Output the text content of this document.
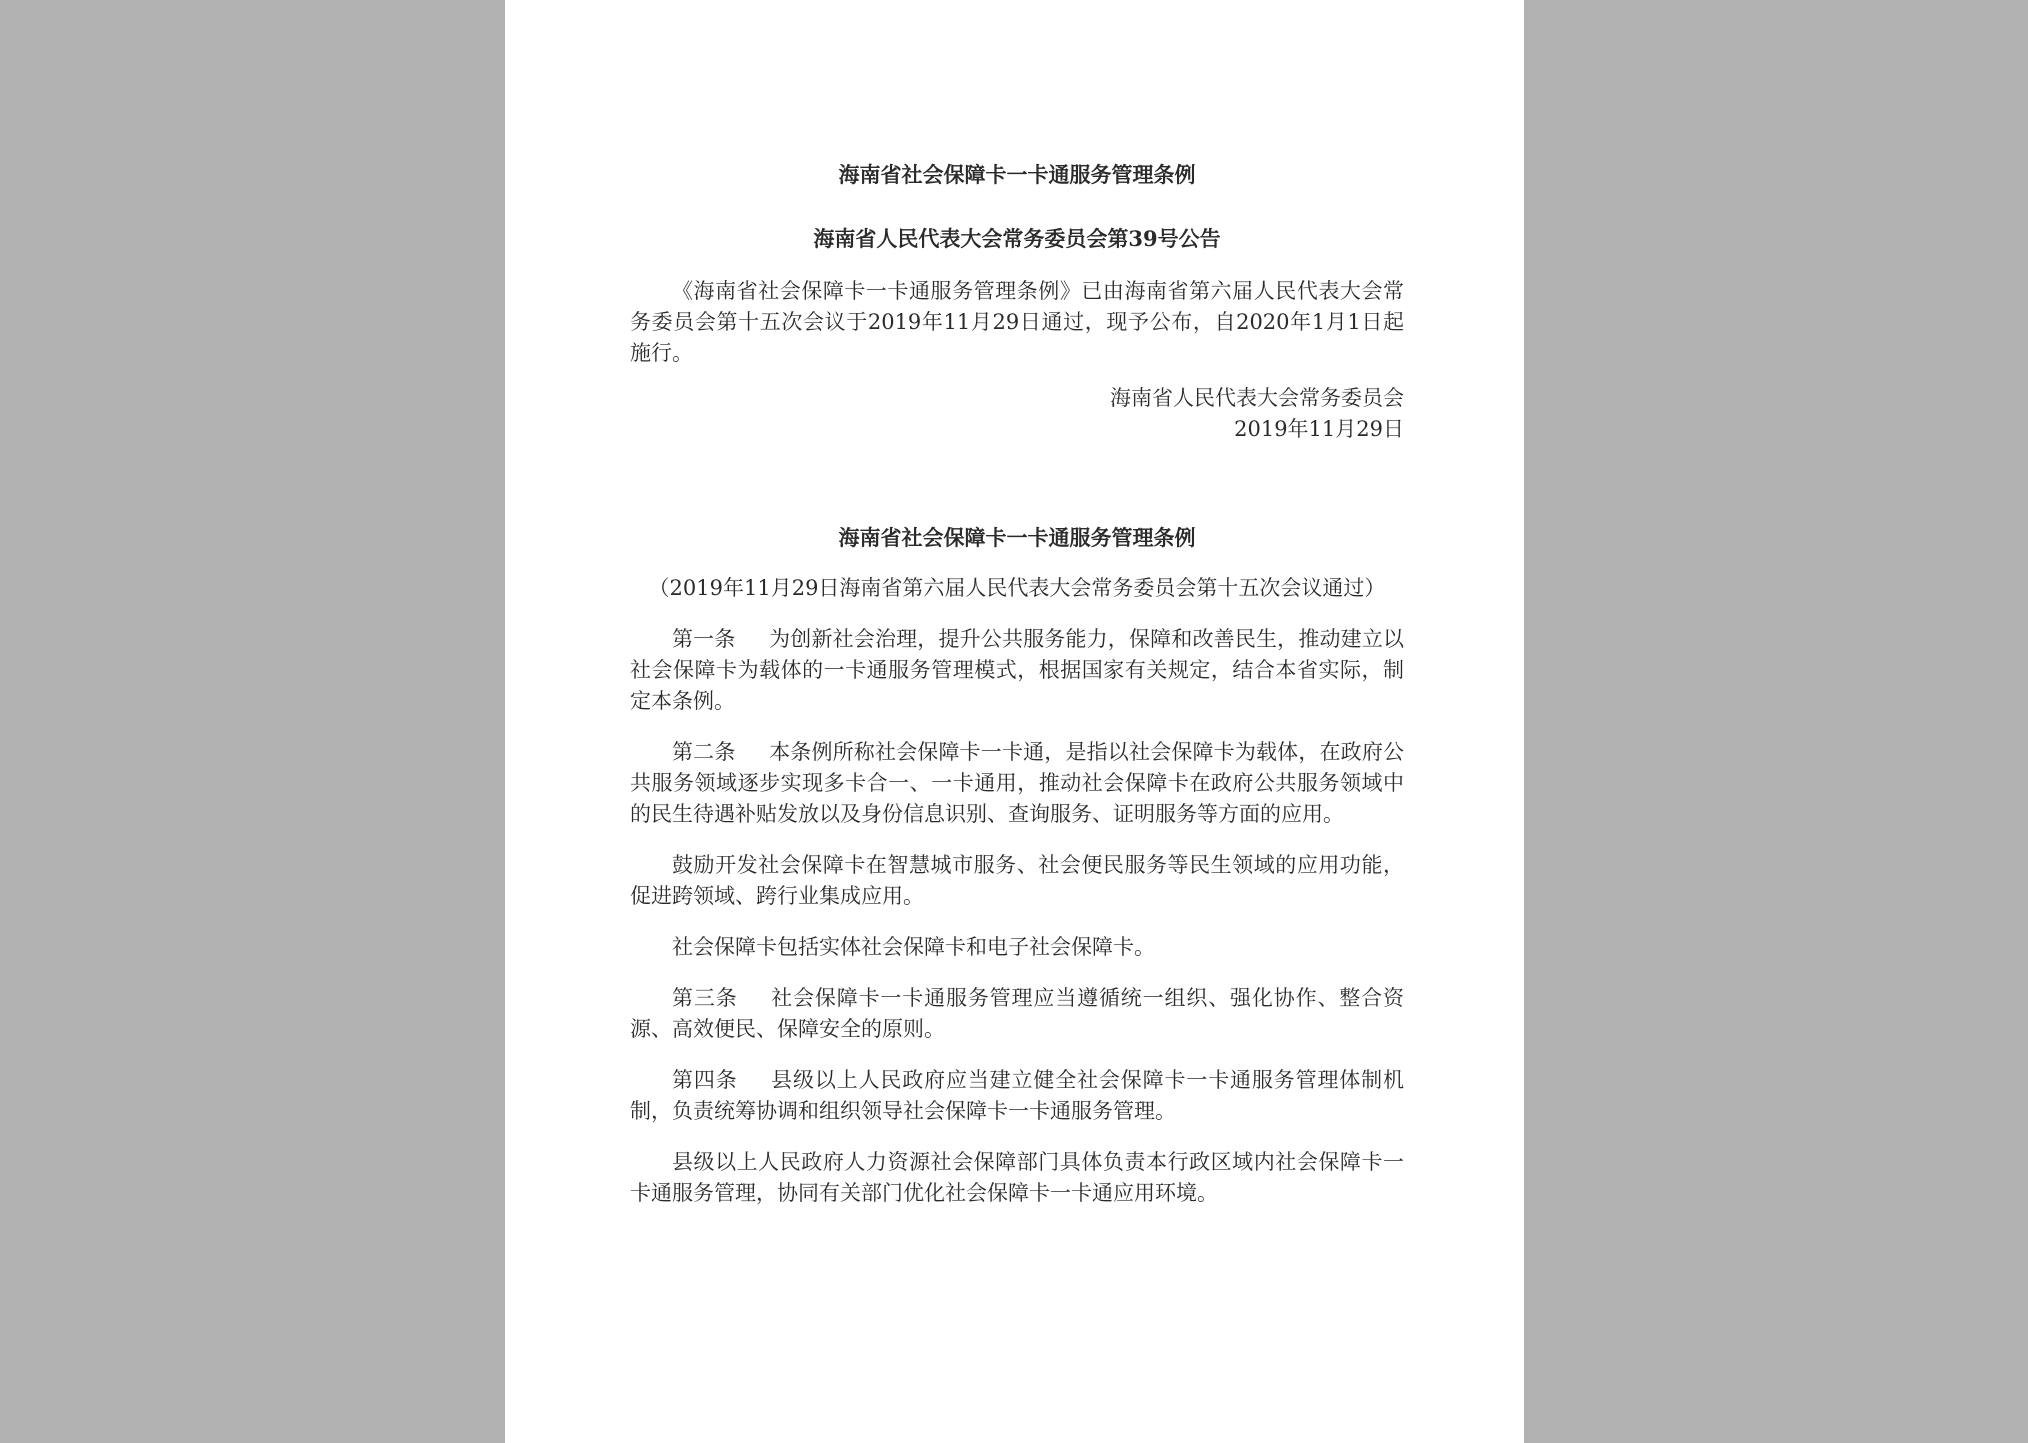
海南省社会保障卡一卡通服务管理条例

海南省人民代表大会常务委员会第39号公告

《海南省社会保障卡一卡通服务管理条例》已由海南省第六届人民代表大会常务委员会第十五次会议于2019年11月29日通过，现予公布，自2020年1月1日起施行。

海南省人民代表大会常务委员会

2019年11月29日

海南省社会保障卡一卡通服务管理条例

（2019年11月29日海南省第六届人民代表大会常务委员会第十五次会议通过）

第一条 为创新社会治理，提升公共服务能力，保障和改善民生，推动建立以社会保障卡为载体的一卡通服务管理模式，根据国家有关规定，结合本省实际，制定本条例。

第二条 本条例所称社会保障卡一卡通，是指以社会保障卡为载体，在政府公共服务领域逐步实现多卡合一、一卡通用，推动社会保障卡在政府公共服务领域中的民生待遇补贴发放以及身份信息识别、查询服务、证明服务等方面的应用。

鼓励开发社会保障卡在智慧城市服务、社会便民服务等民生领域的应用功能，促进跨领域、跨行业集成应用。

社会保障卡包括实体社会保障卡和电子社会保障卡。

第三条 社会保障卡一卡通服务管理应当遵循统一组织、强化协作、整合资源、高效便民、保障安全的原则。

第四条 县级以上人民政府应当建立健全社会保障卡一卡通服务管理体制机制，负责统筹协调和组织领导社会保障卡一卡通服务管理。

县级以上人民政府人力资源社会保障部门具体负责本行政区域内社会保障卡一卡通服务管理，协同有关部门优化社会保障卡一卡通应用环境。
